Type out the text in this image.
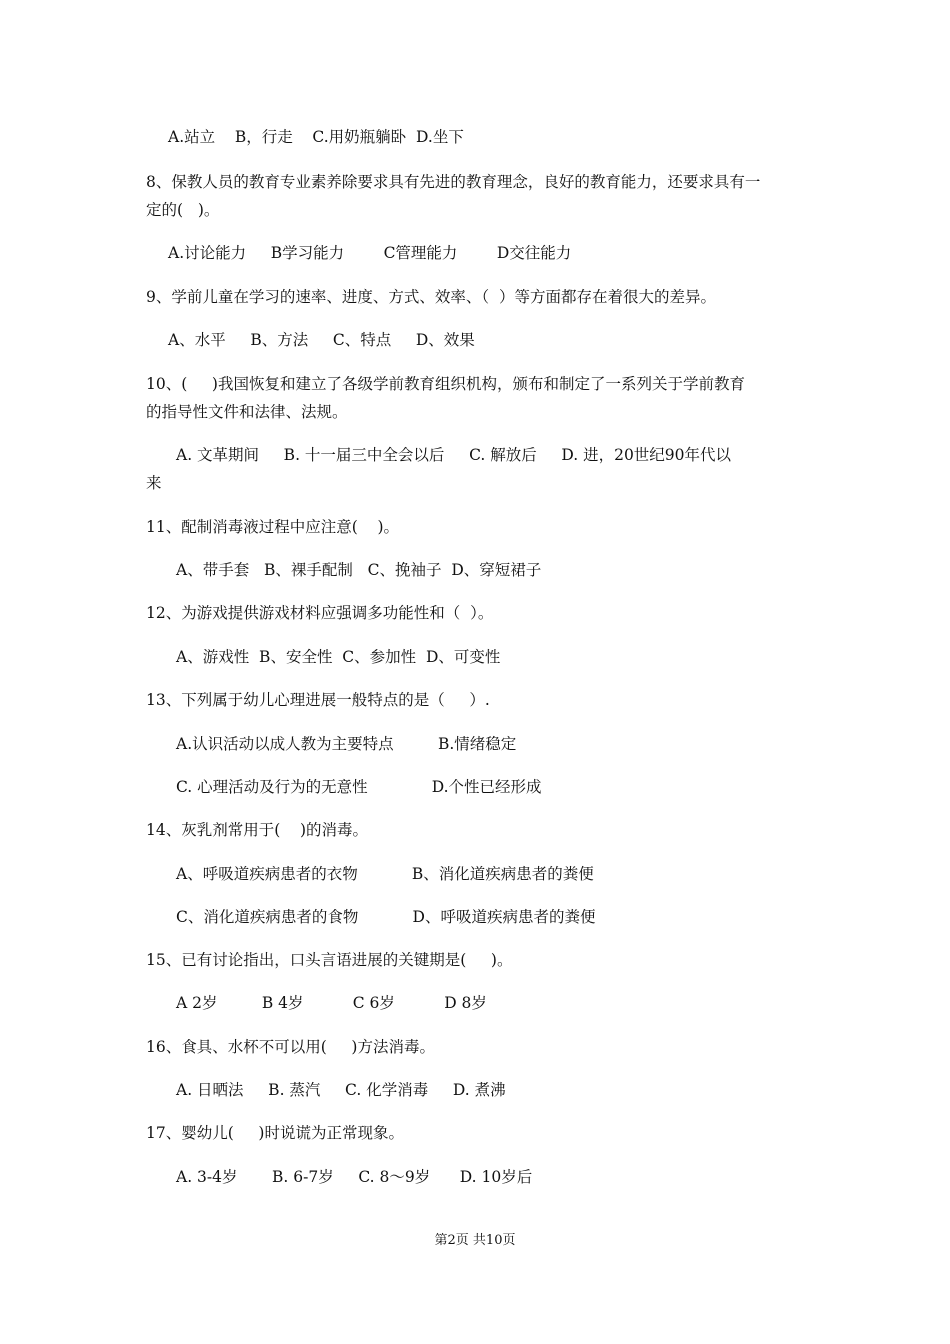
A.站立    B，行走    C.用奶瓶躺卧  D.坐下
8、保教人员的教育专业素养除要求具有先进的教育理念，良好的教育能力，还要求具有一
定的(   )。
A.讨论能力     B学习能力        C管理能力        D交往能力
9、学前儿童在学习的速率、进度、方式、效率、（  ）等方面都存在着很大的差异。
A、水平     B、方法     C、特点     D、效果
10、(     )我国恢复和建立了各级学前教育组织机构，颁布和制定了一系列关于学前教育
的指导性文件和法律、法规。
A. 文革期间     B. 十一届三中全会以后     C. 解放后     D. 进，20世纪90年代以
来
11、配制消毒液过程中应注意(    )。
A、带手套   B、裸手配制   C、挽袖子  D、穿短裙子
12、为游戏提供游戏材料应强调多功能性和（  ）。
A、游戏性  B、安全性  C、参加性  D、可变性
13、下列属于幼儿心理进展一般特点的是（     ）.
A.认识活动以成人教为主要特点         B.情绪稳定
C. 心理活动及行为的无意性             D.个性已经形成
14、灰乳剂常用于(    )的消毒。
A、呼吸道疾病患者的衣物           B、消化道疾病患者的粪便
C、消化道疾病患者的食物           D、呼吸道疾病患者的粪便
15、已有讨论指出，口头言语进展的关键期是(     )。
A 2岁         B 4岁          C 6岁          D 8岁
16、食具、水杯不可以用(     )方法消毒。
A. 日晒法     B. 蒸汽     C. 化学消毒     D. 煮沸
17、婴幼儿(     )时说谎为正常现象。
A. 3-4岁       B. 6-7岁     C. 8～9岁      D. 10岁后
第2页 共10页
